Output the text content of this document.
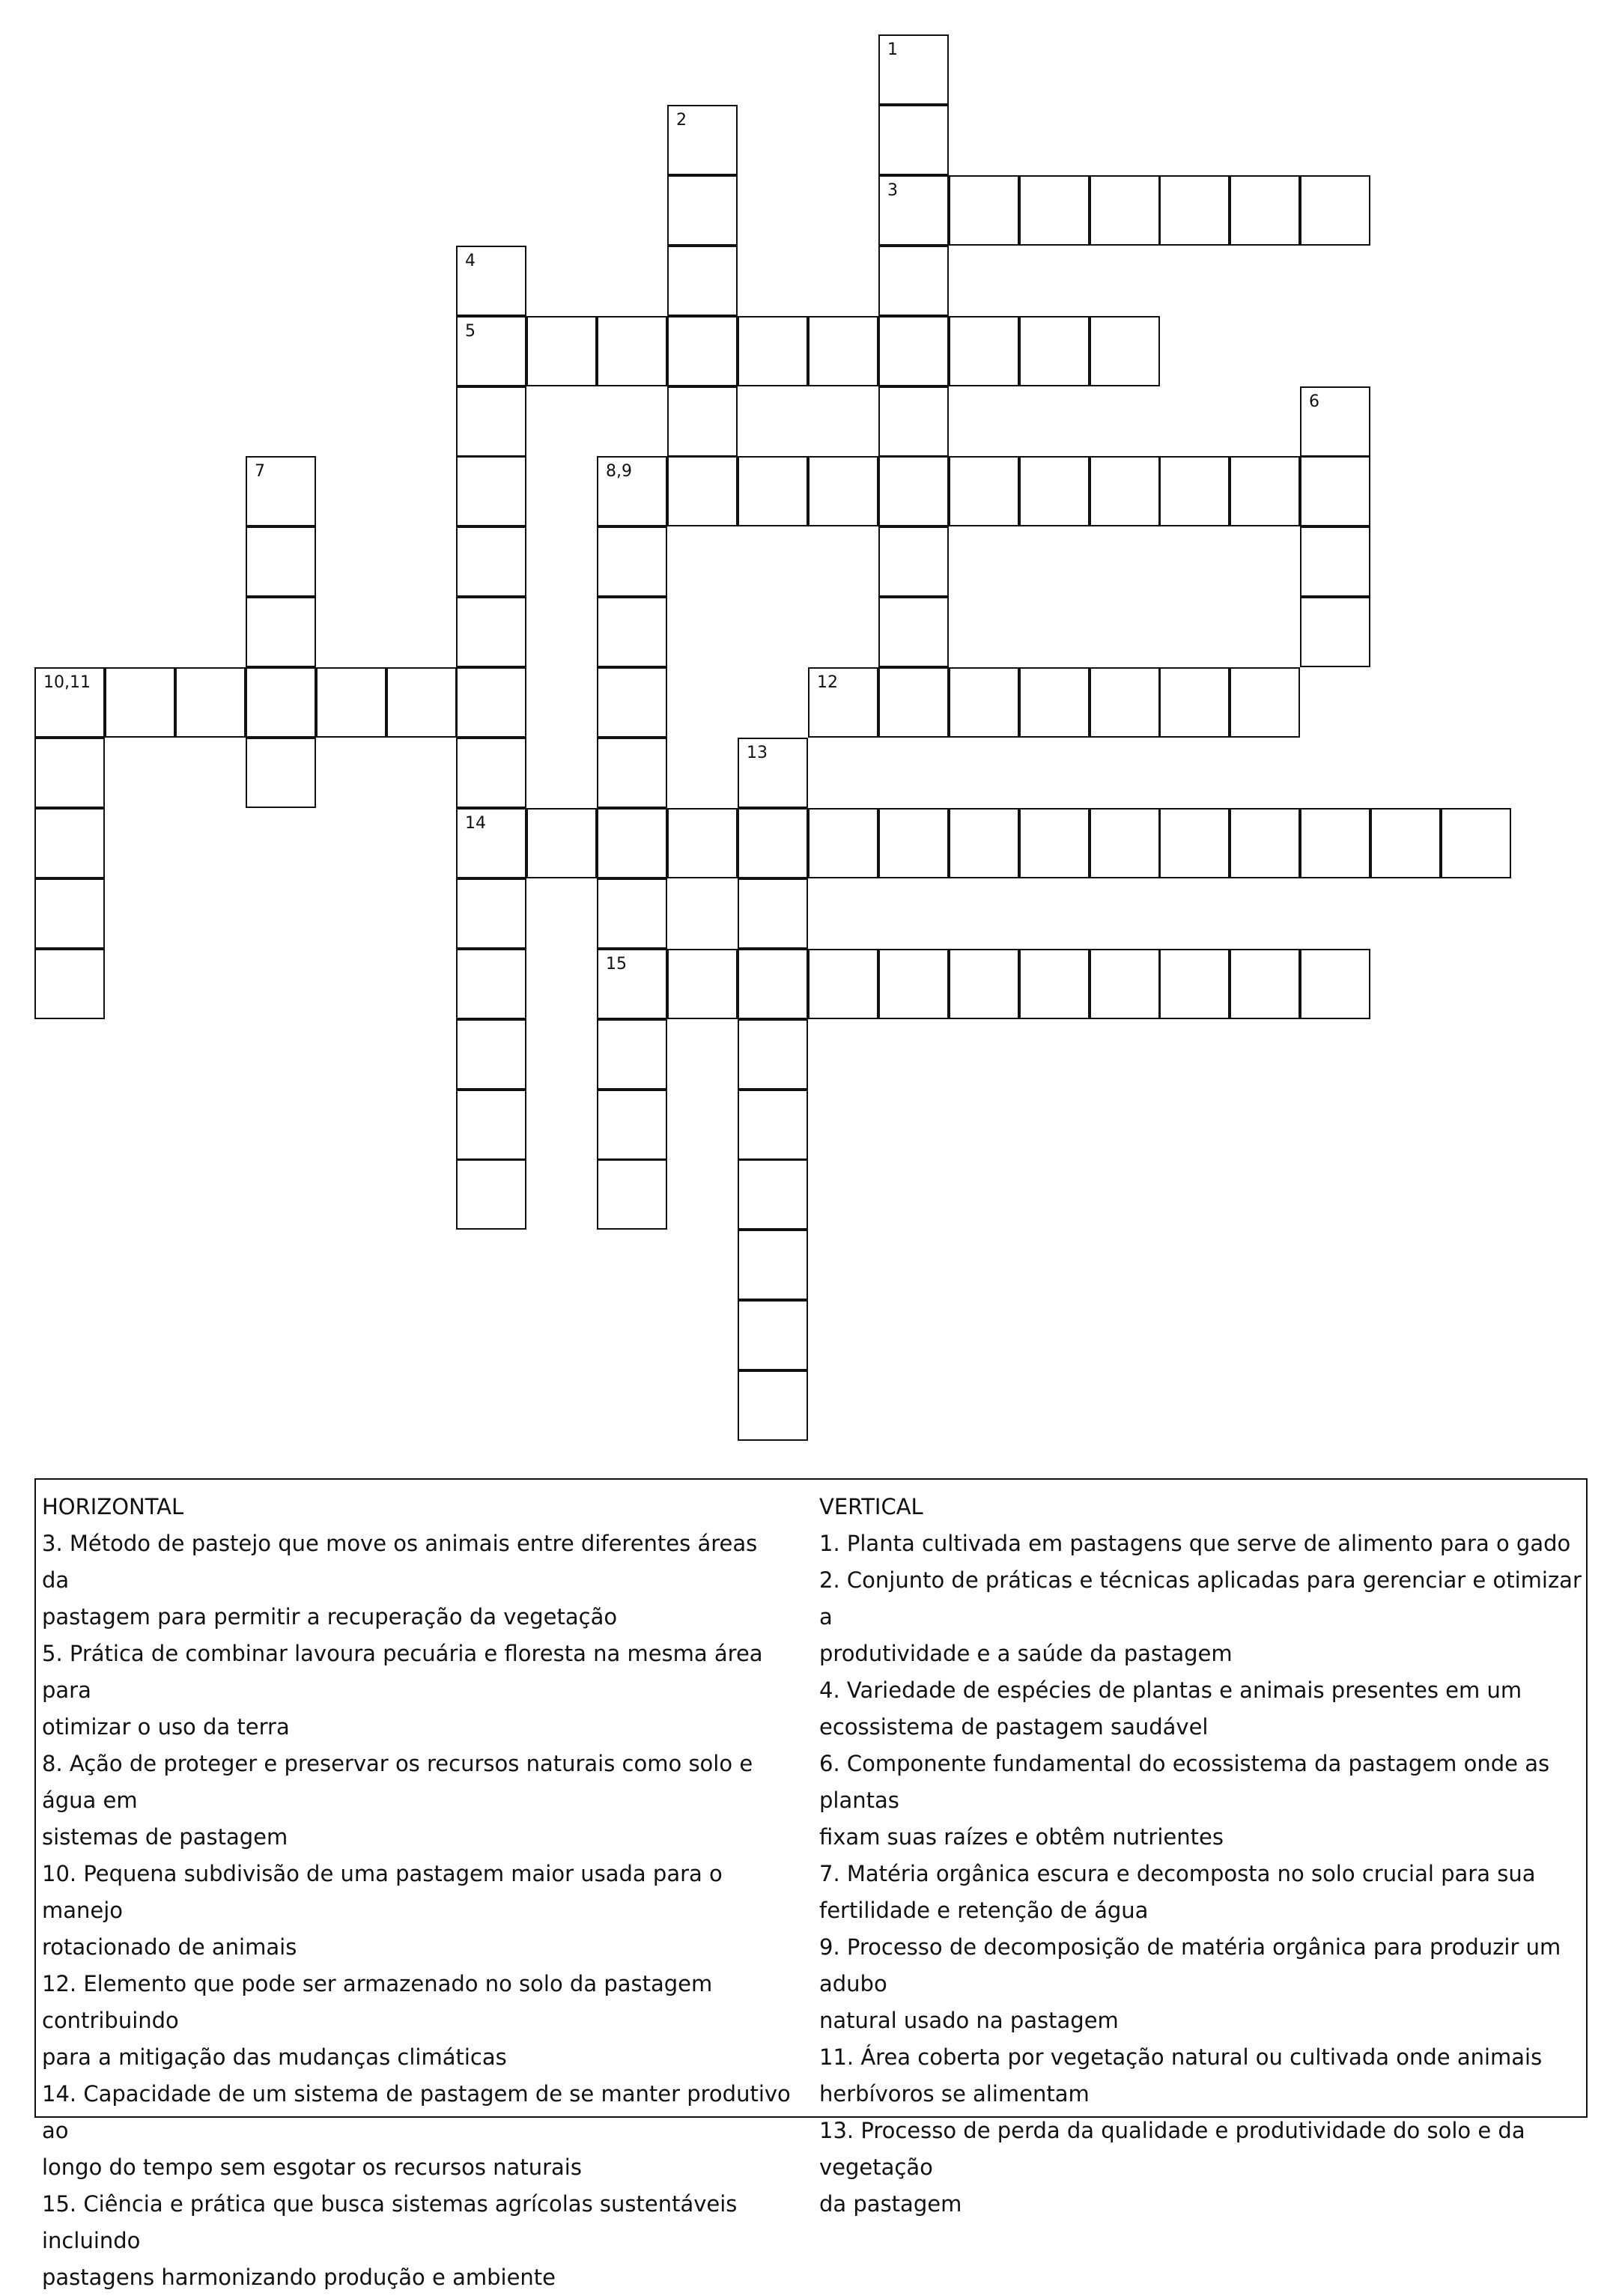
1
2
3
4
5
6
7	8,9
10,11	12
13
14
15

HORIZONTAL

3. Método de pastejo que move os animais entre diferentes áreas da

pastagem para permitir a recuperação da vegetação

5. Prática de combinar lavoura pecuária e floresta na mesma área para

otimizar o uso da terra

8. Ação de proteger e preservar os recursos naturais como solo e água em

sistemas de pastagem

10. Pequena subdivisão de uma pastagem maior usada para o manejo

rotacionado de animais

12. Elemento que pode ser armazenado no solo da pastagem contribuindo

para a mitigação das mudanças climáticas

14. Capacidade de um sistema de pastagem de se manter produtivo ao

longo do tempo sem esgotar os recursos naturais

15. Ciência e prática que busca sistemas agrícolas sustentáveis incluindo

pastagens harmonizando produção e ambiente

VERTICAL

1. Planta cultivada em pastagens que serve de alimento para o gado

2. Conjunto de práticas e técnicas aplicadas para gerenciar e otimizar a

produtividade e a saúde da pastagem

4. Variedade de espécies de plantas e animais presentes em um

ecossistema de pastagem saudável

6. Componente fundamental do ecossistema da pastagem onde as plantas

fixam suas raízes e obtêm nutrientes

7. Matéria orgânica escura e decomposta no solo crucial para sua

fertilidade e retenção de água

9. Processo de decomposição de matéria orgânica para produzir um adubo

natural usado na pastagem

11. Área coberta por vegetação natural ou cultivada onde animais

herbívoros se alimentam

13. Processo de perda da qualidade e produtividade do solo e da vegetação

da pastagem
